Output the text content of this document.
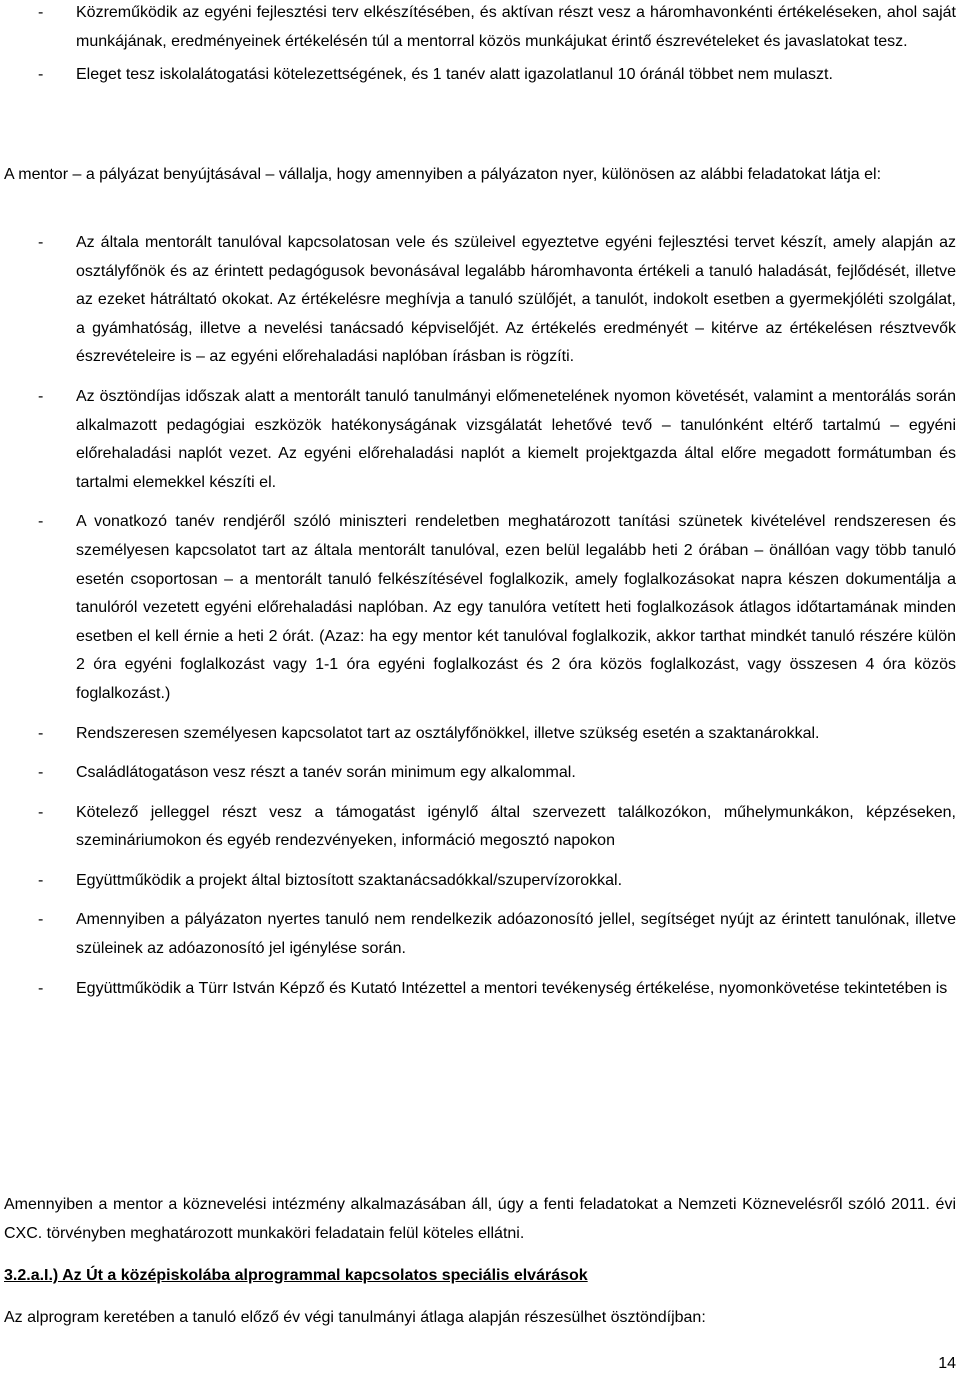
- Közreműködik az egyéni fejlesztési terv elkészítésében, és aktívan részt vesz a háromhavonkénti értékeléseken, ahol saját munkájának, eredményeinek értékelésén túl a mentorral közös munkájukat érintő észrevételeket és javaslatokat tesz.
- Eleget tesz iskolalátogatási kötelezettségének, és 1 tanév alatt igazolatlanul 10 óránál többet nem mulaszt.

A mentor – a pályázat benyújtásával – vállalja, hogy amennyiben a pályázaton nyer, különösen az alábbi feladatokat látja el:

- Az általa mentorált tanulóval kapcsolatosan vele és szüleivel egyeztetve egyéni fejlesztési tervet készít, amely alapján az osztályfőnök és az érintett pedagógusok bevonásával legalább háromhavonta értékeli a tanuló haladását, fejlődését, illetve az ezeket hátráltató okokat. Az értékelésre meghívja a tanuló szülőjét, a tanulót, indokolt esetben a gyermekjóléti szolgálat, a gyámhatóság, illetve a nevelési tanácsadó képviselőjét. Az értékelés eredményét – kitérve az értékelésen résztvevők észrevételeire is – az egyéni előrehaladási naplóban írásban is rögzíti.
- Az ösztöndíjas időszak alatt a mentorált tanuló tanulmányi előmenetelének nyomon követését, valamint a mentorálás során alkalmazott pedagógiai eszközök hatékonyságának vizsgálatát lehetővé tevő – tanulónként eltérő tartalmú – egyéni előrehaladási naplót vezet. Az egyéni előrehaladási naplót a kiemelt projektgazda által előre megadott formátumban és tartalmi elemekkel készíti el.
- A vonatkozó tanév rendjéről szóló miniszteri rendeletben meghatározott tanítási szünetek kivételével rendszeresen és személyesen kapcsolatot tart az általa mentorált tanulóval, ezen belül legalább heti 2 órában – önállóan vagy több tanuló esetén csoportosan – a mentorált tanuló felkészítésével foglalkozik, amely foglalkozásokat napra készen dokumentálja a tanulóról vezetett egyéni előrehaladási naplóban. Az egy tanulóra vetített heti foglalkozások átlagos időtartamának minden esetben el kell érnie a heti 2 órát. (Azaz: ha egy mentor két tanulóval foglalkozik, akkor tarthat mindkét tanuló részére külön 2 óra egyéni foglalkozást vagy 1-1 óra egyéni foglalkozást és 2 óra közös foglalkozást, vagy összesen 4 óra közös foglalkozást.)
- Rendszeresen személyesen kapcsolatot tart az osztályfőnökkel, illetve szükség esetén a szaktanárokkal.
- Családlátogatáson vesz részt a tanév során minimum egy alkalommal.
- Kötelező jelleggel részt vesz a támogatást igénylő által szervezett találkozókon, műhelymunkákon, képzéseken, szemináriumokon és egyéb rendezvényeken, információ megosztó napokon
- Együttműködik a projekt által biztosított szaktanácsadókkal/szupervízorokkal.
- Amennyiben a pályázaton nyertes tanuló nem rendelkezik adóazonosító jellel, segítséget nyújt az érintett tanulónak, illetve szüleinek az adóazonosító jel igénylése során.
- Együttműködik a Türr István Képző és Kutató Intézettel a mentori tevékenység értékelése, nyomonkövetése tekintetében is

Amennyiben a mentor a köznevelési intézmény alkalmazásában áll, úgy a fenti feladatokat a Nemzeti Köznevelésről szóló 2011. évi CXC. törvényben meghatározott munkaköri feladatain felül köteles ellátni.

3.2.a.I.) Az Út a középiskolába alprogrammal kapcsolatos speciális elvárások

Az alprogram keretében a tanuló előző év végi tanulmányi átlaga alapján részesülhet ösztöndíjban:

14
